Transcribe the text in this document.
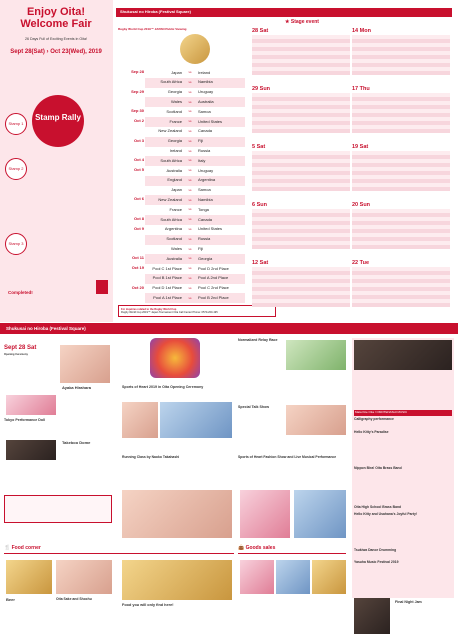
Enjoy Oita!
Welcome Fair
26 Days Full of Exciting Events in Oita!
Sept 28(Sat) › Oct 23(Wed), 2019
Stamp Rally
Stamp 1
Stamp 2
Stamp 3
Completed!
Shukusai no Hiroba (Festival Square)
★ Stage event
Rugby World Cup 2019™ JAPAN Public Viewing
Sep 28	Japan	vs	Ireland
South Africa	vs	Namibia
Sep 29	Georgia	vs	Uruguay
Wales	vs	Australia
Sep 30	Scotland	vs	Samoa
Oct 2	France	vs	United States
New Zealand	vs	Canada
Oct 3	Georgia	vs	Fiji
Ireland	vs	Russia
Oct 4	South Africa	vs	Italy
Oct 5	Australia	vs	Uruguay
England	vs	Argentina
Japan	vs	Samoa
Oct 6	New Zealand	vs	Namibia
France	vs	Tonga
Oct 8	South Africa	vs	Canada
Oct 9	Argentina	vs	United States
Scotland	vs	Russia
Wales	vs	Fiji
Oct 11	Australia	vs	Georgia
Oct 19	Pool C 1st Place	vs	Pool D 2nd Place
Pool B 1st Place	vs	Pool A 2nd Place
Oct 20	Pool D 1st Place	vs	Pool C 2nd Place
Pool A 1st Place	vs	Pool B 2nd Place
For inquiries related to the Rugby World Cup
Rugby World Cup 2019™ Japan Tournament Oita Call Center Phone: 0570-200-195
28 Sat
29 Sun
5 Sat
6 Sun
12 Sat
14 Mon
17 Thu
19 Sat
20 Sun
22 Tue
Shukusai no Hiroba (Festival Square)
Sept 28 Sat
Opening Ceremony
Ayaka Hirahara
Tokyo Performance Doll
Takeboo Dome
Sports of Heart 2019 in Oita Opening Ceremony
Running Class by Naoko Takahashi
Normalized Relay Race
Special Talk Show
Sports of Heart Fashion Show and Live Musical Performance
Mata Kite Oita / OMOTENASHI MUSIC
Calligraphy performance
Hello Kitty's Paradise
Nippon Bira! Oita Brass Band
Oita High School Brass Band
Hello Kitty and Usahana's Joyful Party!
Tsukiwa Dance Drumming
Yasuha Music Festival 2019
Final Night Jam
🍴 Food corner
Beer	Oita Sake and Shochu
Food you will only find here!
👜 Goods sales
